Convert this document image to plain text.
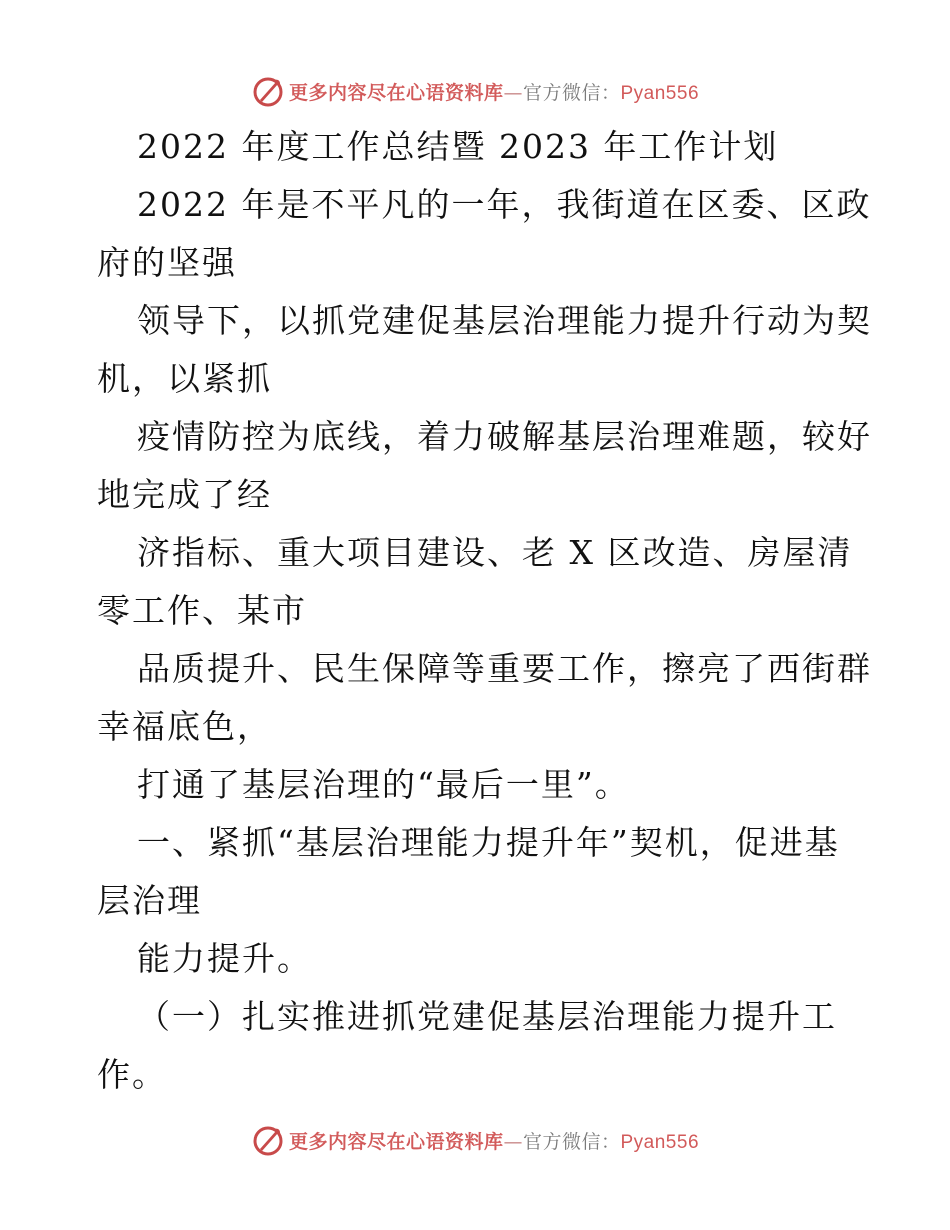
更多内容尽在心语资料库—官方微信：Pyan556
2022 年度工作总结暨 2023 年工作计划
2022 年是不平凡的一年，我街道在区委、区政
府的坚强
领导下，以抓党建促基层治理能力提升行动为契
机，以紧抓
疫情防控为底线，着力破解基层治理难题，较好
地完成了经
济指标、重大项目建设、老 X 区改造、房屋清
零工作、某市
品质提升、民生保障等重要工作，擦亮了西街群
幸福底色，
打通了基层治理的“最后一里”。
一、紧抓“基层治理能力提升年”契机，促进基
层治理
能力提升。
（一）扎实推进抓党建促基层治理能力提升工
作。
更多内容尽在心语资料库—官方微信：Pyan556
